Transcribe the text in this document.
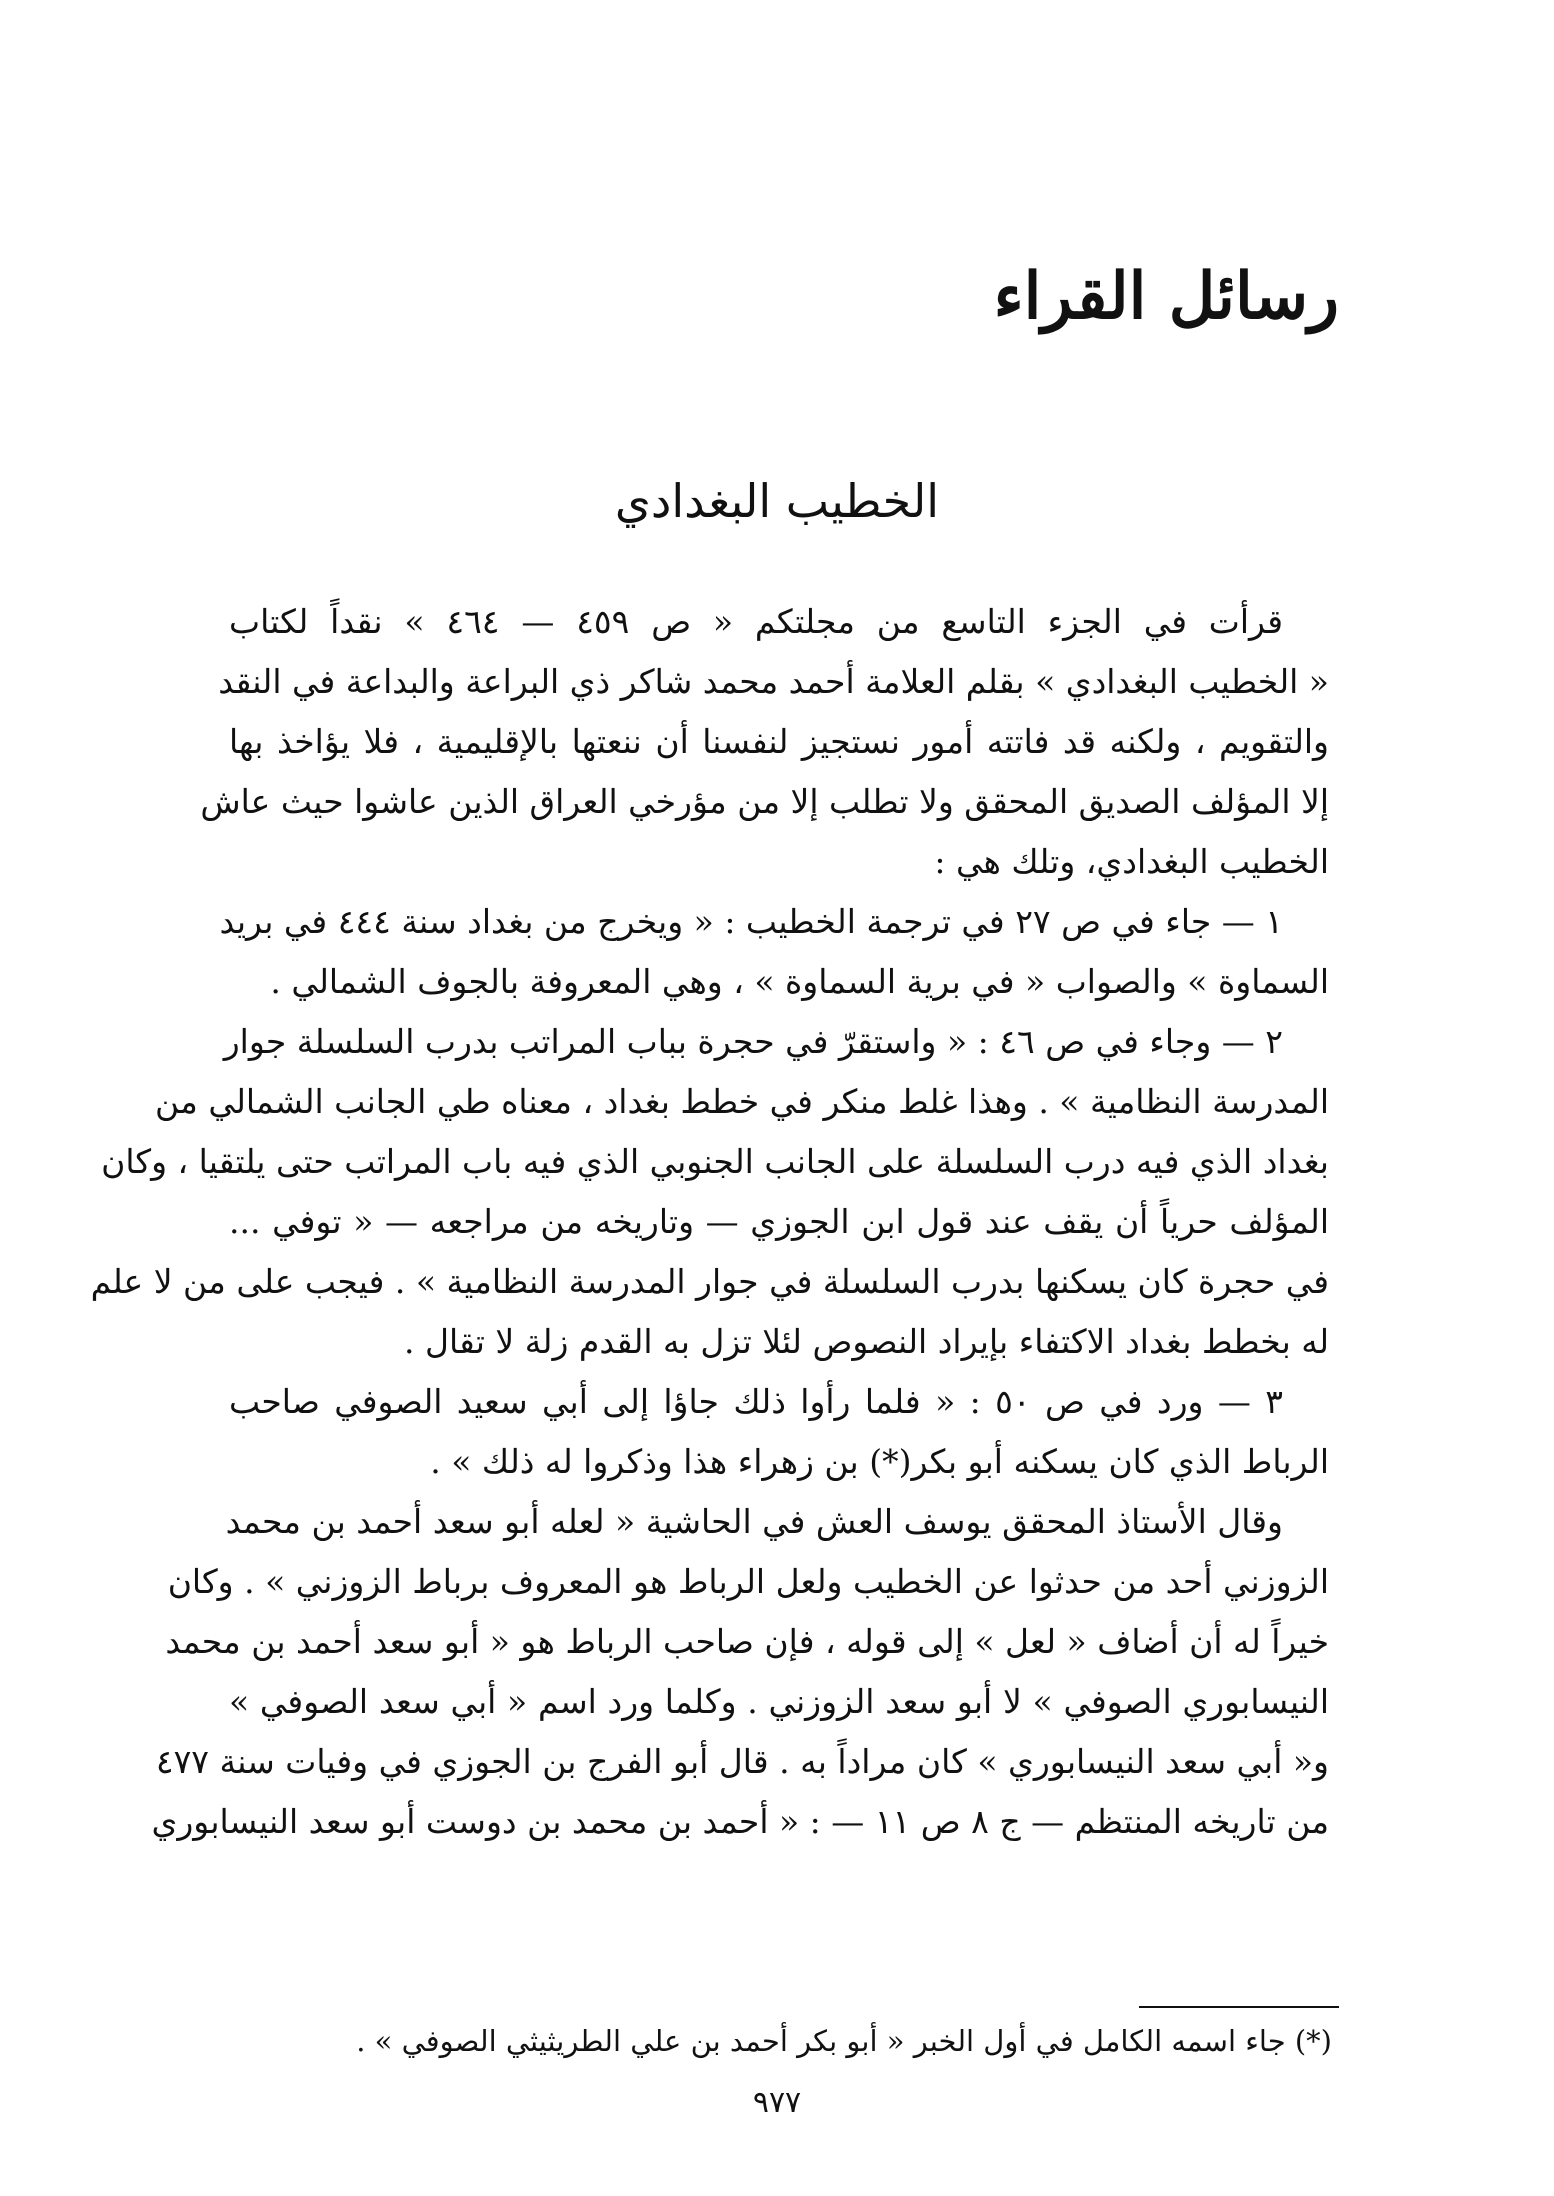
رسائل القراء
الخطيب البغدادي

قرأت في الجزء التاسع من مجلتكم « ص ٤٥٩ — ٤٦٤ » نقداً لكتاب
« الخطيب البغدادي » بقلم العلامة أحمد محمد شاكر ذي البراعة والبداعة في النقد
والتقويم ، ولكنه قد فاتته أمور نستجيز لنفسنا أن ننعتها بالإقليمية ، فلا يؤاخذ بها
إلا المؤلف الصديق المحقق ولا تطلب إلا من مؤرخي العراق الذين عاشوا حيث عاش
الخطيب البغدادي، وتلك هي :

١ — جاء في ص ٢٧ في ترجمة الخطيب : « ويخرج من بغداد سنة ٤٤٤ في بريد
السماوة » والصواب « في برية السماوة » ، وهي المعروفة بالجوف الشمالي .

٢ — وجاء في ص ٤٦ : « واستقرّ في حجرة بباب المراتب بدرب السلسلة جوار
المدرسة النظامية » . وهذا غلط منكر في خطط بغداد ، معناه طي الجانب الشمالي من
بغداد الذي فيه درب السلسلة على الجانب الجنوبي الذي فيه باب المراتب حتى يلتقيا ، وكان
المؤلف حرياً أن يقف عند قول ابن الجوزي — وتاريخه من مراجعه — « توفي ...
في حجرة كان يسكنها بدرب السلسلة في جوار المدرسة النظامية » . فيجب على من لا علم
له بخطط بغداد الاكتفاء بإيراد النصوص لئلا تزل به القدم زلة لا تقال .

٣ — ورد في ص ٥٠ : « فلما رأوا ذلك جاؤا إلى أبي سعيد الصوفي صاحب
الرباط الذي كان يسكنه أبو بكر(*) بن زهراء هذا وذكروا له ذلك » .

وقال الأستاذ المحقق يوسف العش في الحاشية « لعله أبو سعد أحمد بن محمد
الزوزني أحد من حدثوا عن الخطيب ولعل الرباط هو المعروف برباط الزوزني » . وكان
خيراً له أن أضاف « لعل » إلى قوله ، فإن صاحب الرباط هو « أبو سعد أحمد بن محمد
النيسابوري الصوفي » لا أبو سعد الزوزني . وكلما ورد اسم « أبي سعد الصوفي »
و« أبي سعد النيسابوري » كان مراداً به . قال أبو الفرج بن الجوزي في وفيات سنة ٤٧٧
من تاريخه المنتظم — ج ٨ ص ١١ — : « أحمد بن محمد بن دوست أبو سعد النيسابوري

(*) جاء اسمه الكامل في أول الخبر « أبو بكر أحمد بن علي الطريثيثي الصوفي » .
٩٧٧
